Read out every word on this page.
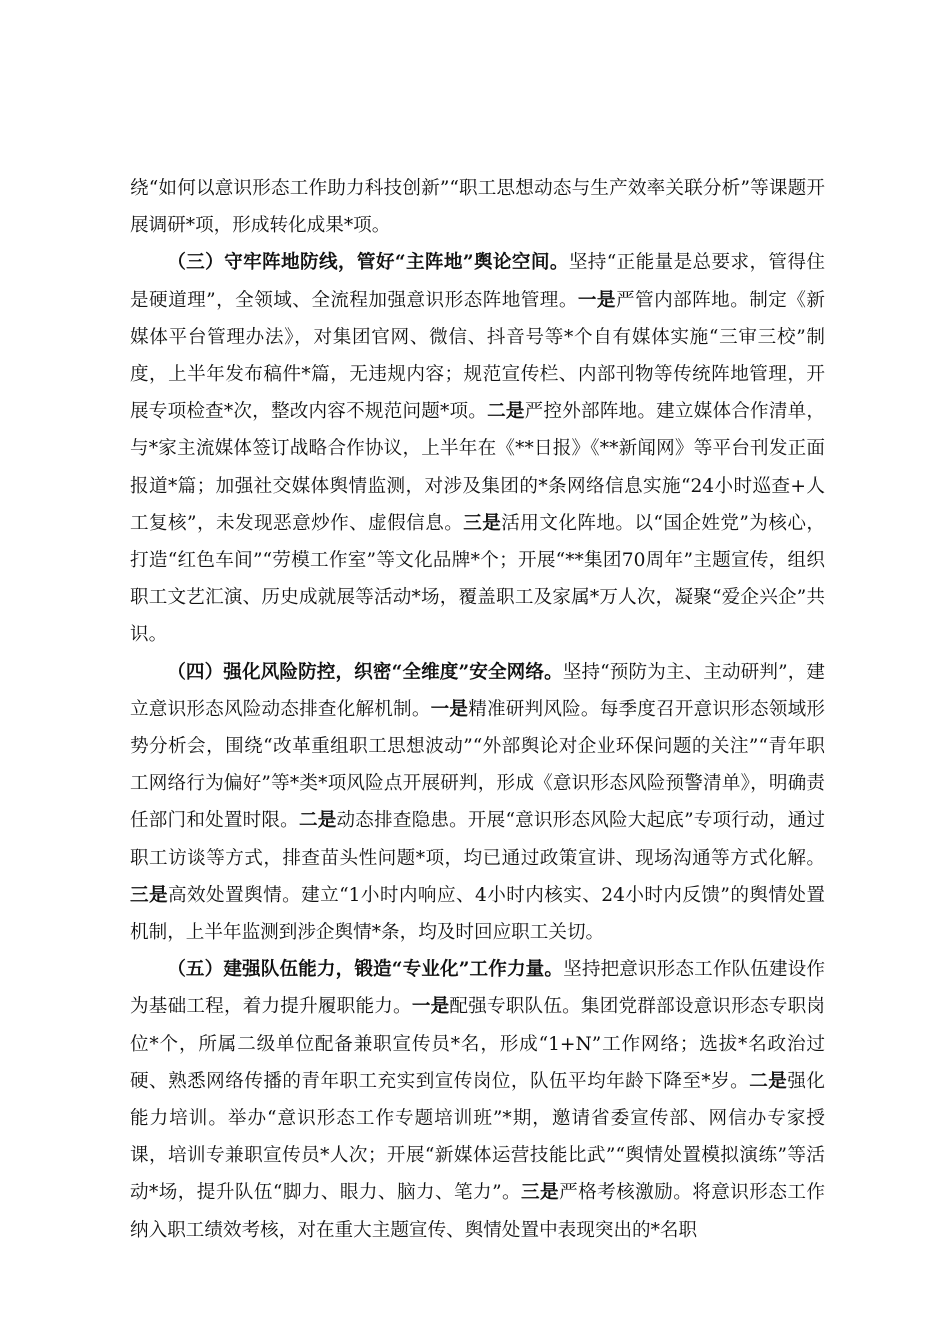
绕“如何以意识形态工作助力科技创新”“职工思想动态与生产效率关联分析”等课题开展调研*项，形成转化成果*项。

（三）守牢阵地防线，管好“主阵地”舆论空间。坚持“正能量是总要求，管得住是硬道理”，全领域、全流程加强意识形态阵地管理。一是严管内部阵地。制定《新媒体平台管理办法》，对集团官网、微信、抖音号等*个自有媒体实施“三审三校”制度，上半年发布稿件*篇，无违规内容；规范宣传栏、内部刊物等传统阵地管理，开展专项检查*次，整改内容不规范问题*项。二是严控外部阵地。建立媒体合作清单，与*家主流媒体签订战略合作协议，上半年在《**日报》《**新闻网》等平台刊发正面报道*篇；加强社交媒体舆情监测，对涉及集团的*条网络信息实施“24小时巡查+人工复核”，未发现恶意炒作、虚假信息。三是活用文化阵地。以“国企姓党”为核心，打造“红色车间”“劳模工作室”等文化品牌*个；开展“**集团70周年”主题宣传，组织职工文艺汇演、历史成就展等活动*场，覆盖职工及家属*万人次，凝聚“爱企兴企”共识。

（四）强化风险防控，织密“全维度”安全网络。坚持“预防为主、主动研判”，建立意识形态风险动态排查化解机制。一是精准研判风险。每季度召开意识形态领域形势分析会，围绕“改革重组职工思想波动”“外部舆论对企业环保问题的关注”“青年职工网络行为偏好”等*类*项风险点开展研判，形成《意识形态风险预警清单》，明确责任部门和处置时限。二是动态排查隐患。开展“意识形态风险大起底”专项行动，通过职工访谈等方式，排查苗头性问题*项，均已通过政策宣讲、现场沟通等方式化解。三是高效处置舆情。建立“1小时内响应、4小时内核实、24小时内反馈”的舆情处置机制，上半年监测到涉企舆情*条，均及时回应职工关切。

（五）建强队伍能力，锻造“专业化”工作力量。坚持把意识形态工作队伍建设作为基础工程，着力提升履职能力。一是配强专职队伍。集团党群部设意识形态专职岗位*个，所属二级单位配备兼职宣传员*名，形成“1+N”工作网络；选拔*名政治过硬、熟悉网络传播的青年职工充实到宣传岗位，队伍平均年龄下降至*岁。二是强化能力培训。举办“意识形态工作专题培训班”*期，邀请省委宣传部、网信办专家授课，培训专兼职宣传员*人次；开展“新媒体运营技能比武”“舆情处置模拟演练”等活动*场，提升队伍“脚力、眼力、脑力、笔力”。三是严格考核激励。将意识形态工作纳入职工绩效考核，对在重大主题宣传、舆情处置中表现突出的*名职
